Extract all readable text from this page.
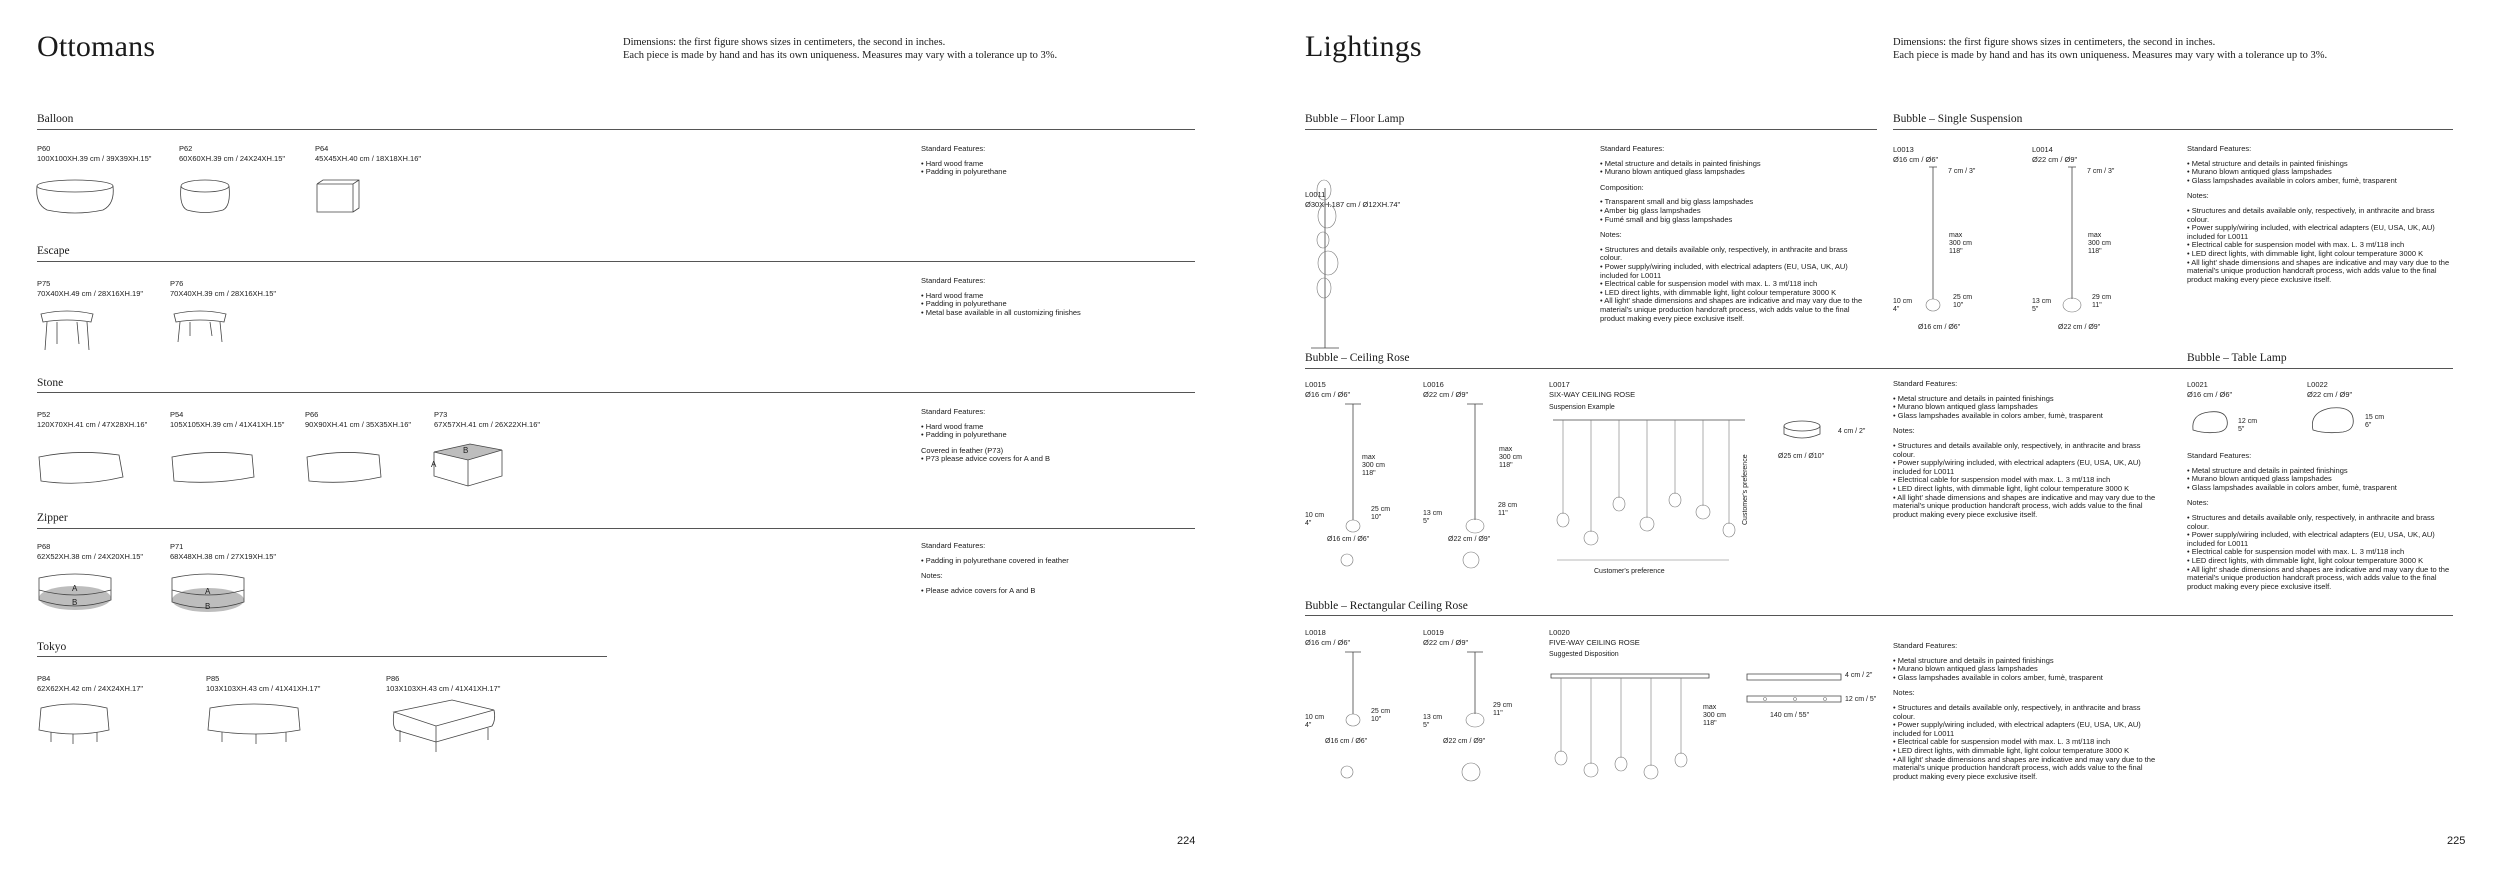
Ottomans	Dimensions: the first figure shows sizes in centimeters, the second in inches.
Each piece is made by hand and has its own uniqueness. Measures may vary with a tolerance up to 3%.
Balloon
P60
100X100XH.39 cm / 39X39XH.15"
P62
60X60XH.39 cm / 24X24XH.15"
P64
45X45XH.40 cm / 18X18XH.16"
Standard Features:
• Hard wood frame
• Padding in polyurethane
Escape
P75
70X40XH.49 cm / 28X16XH.19"
P76
70X40XH.39 cm / 28X16XH.15"
Standard Features:
• Hard wood frame
• Padding in polyurethane
• Metal base available in all customizing finishes
Stone
P52
120X70XH.41 cm / 47X28XH.16"
P54
105X105XH.39 cm / 41X41XH.15"
P66
90X90XH.41 cm / 35X35XH.16"
P73
67X57XH.41 cm / 26X22XH.16"
B
A
Standard Features:
• Hard wood frame
• Padding in polyurethane
Covered in feather (P73)
• P73 please advice covers for A and B
Zipper
P68
62X52XH.38 cm / 24X20XH.15"
P71
68X48XH.38 cm / 27X19XH.15"
A
B
A
B
Standard Features:
• Padding in polyurethane covered in feather
Notes:
• Please advice covers for A and B
Tokyo
P84
62X62XH.42 cm / 24X24XH.17"
P85
103X103XH.43 cm / 41X41XH.17"
P86
103X103XH.43 cm / 41X41XH.17"
224
Lightings	Dimensions: the first figure shows sizes in centimeters, the second in inches.
Each piece is made by hand and has its own uniqueness. Measures may vary with a tolerance up to 3%.
Bubble – Floor Lamp
L0011
Ø30XH.187 cm / Ø12XH.74"
Standard Features:
• Metal structure and details in painted finishings
• Murano blown antiqued glass lampshades
Composition:
• Transparent small and big glass lampshades
• Amber big glass lampshades
• Fumé small and big glass lampshades
Notes:
• Structures and details available only, respectively, in anthracite and brass colour.
• Power supply/wiring included, with electrical adapters (EU, USA, UK, AU) included for L0011
• Electrical cable for suspension model with max. L. 3 mt/118 inch
• LED direct lights, with dimmable light, light colour temperature 3000 K
• All light' shade dimensions and shapes are indicative and may vary due to the material's unique production handcraft process, wich adds value to the final product making every piece exclusive itself.
Bubble – Single Suspension
L0013
Ø16 cm / Ø6"
L0014
Ø22 cm / Ø9"
7 cm / 3"
max
300 cm
118"
25 cm
10"
10 cm
4"
Ø16 cm / Ø6"
7 cm / 3"
max
300 cm
118"
29 cm
11"
13 cm
5"
Ø22 cm / Ø9"
Standard Features:
• Metal structure and details in painted finishings
• Murano blown antiqued glass lampshades
• Glass lampshades available in colors amber, fumè, trasparent
Notes:
• Structures and details available only, respectively, in anthracite and brass colour.
• Power supply/wiring included, with electrical adapters (EU, USA, UK, AU) included for L0011
• Electrical cable for suspension model with max. L. 3 mt/118 inch
• LED direct lights, with dimmable light, light colour temperature 3000 K
• All light' shade dimensions and shapes are indicative and may vary due to the material's unique production handcraft process, wich adds value to the final product making every piece exclusive itself.
Bubble – Ceiling Rose
L0015
Ø16 cm / Ø6"
L0016
Ø22 cm / Ø9"
L0017
SIX-WAY CEILING ROSE
max
300 cm
118"
25 cm
10"
10 cm
4"
Ø16 cm / Ø6"
max
300 cm
118"
28 cm
11"
13 cm
5"
Ø22 cm / Ø9"
Suspension Example
Customer's preference
Customer's preference
4 cm / 2"
Ø25 cm / Ø10"
Standard Features:
• Metal structure and details in painted finishings
• Murano blown antiqued glass lampshades
• Glass lampshades available in colors amber, fumè, trasparent
Notes:
• Structures and details available only, respectively, in anthracite and brass colour.
• Power supply/wiring included, with electrical adapters (EU, USA, UK, AU) included for L0011
• Electrical cable for suspension model with max. L. 3 mt/118 inch
• LED direct lights, with dimmable light, light colour temperature 3000 K
• All light' shade dimensions and shapes are indicative and may vary due to the material's unique production handcraft process, wich adds value to the final product making every piece exclusive itself.
Bubble – Table Lamp
L0021
Ø16 cm / Ø6"
L0022
Ø22 cm / Ø9"
12 cm
5"
15 cm
6"
Standard Features:
• Metal structure and details in painted finishings
• Murano blown antiqued glass lampshades
• Glass lampshades available in colors amber, fumè, trasparent
Notes:
• Structures and details available only, respectively, in anthracite and brass colour.
• Power supply/wiring included, with electrical adapters (EU, USA, UK, AU) included for L0011
• Electrical cable for suspension model with max. L. 3 mt/118 inch
• LED direct lights, with dimmable light, light colour temperature 3000 K
• All light' shade dimensions and shapes are indicative and may vary due to the material's unique production handcraft process, wich adds value to the final product making every piece exclusive itself.
Bubble – Rectangular Ceiling Rose
L0018
Ø16 cm / Ø6"
L0019
Ø22 cm / Ø9"
L0020
FIVE-WAY CEILING ROSE
25 cm
10"
10 cm
4"
Ø16 cm / Ø6"
29 cm
11"
13 cm
5"
Ø22 cm / Ø9"
Suggested Disposition
max
300 cm
118"
4 cm / 2"
12 cm / 5"
140 cm / 55"
Standard Features:
• Metal structure and details in painted finishings
• Murano blown antiqued glass lampshades
• Glass lampshades available in colors amber, fumè, trasparent
Notes:
• Structures and details available only, respectively, in anthracite and brass colour.
• Power supply/wiring included, with electrical adapters (EU, USA, UK, AU) included for L0011
• Electrical cable for suspension model with max. L. 3 mt/118 inch
• LED direct lights, with dimmable light, light colour temperature 3000 K
• All light' shade dimensions and shapes are indicative and may vary due to the material's unique production handcraft process, wich adds value to the final product making every piece exclusive itself.
225
